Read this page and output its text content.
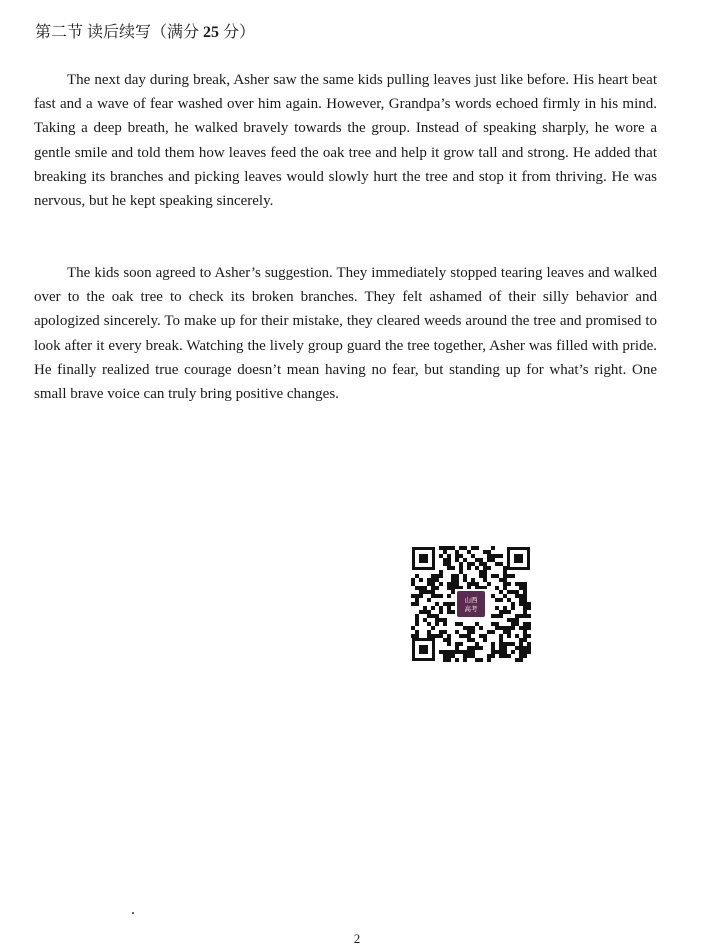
第二节 读后续写（满分 25 分）

The next day during break, Asher saw the same kids pulling leaves just like before. His heart beat fast and a wave of fear washed over him again. However, Grandpa’s words echoed firmly in his mind. Taking a deep breath, he walked bravely towards the group. Instead of speaking sharply, he wore a gentle smile and told them how leaves feed the oak tree and help it grow tall and strong. He added that breaking its branches and picking leaves would slowly hurt the tree and stop it from thriving. He was nervous, but he kept speaking sincerely.

The kids soon agreed to Asher’s suggestion. They immediately stopped tearing leaves and walked over to the oak tree to check its broken branches. They felt ashamed of their silly behavior and apologized sincerely. To make up for their mistake, they cleared weeds around the tree and promised to look after it every break. Watching the lively group guard the tree together, Asher was filled with pride. He finally realized true courage doesn’t mean having no fear, but standing up for what’s right. One small brave voice can truly bring positive changes.

山西
高考
2
